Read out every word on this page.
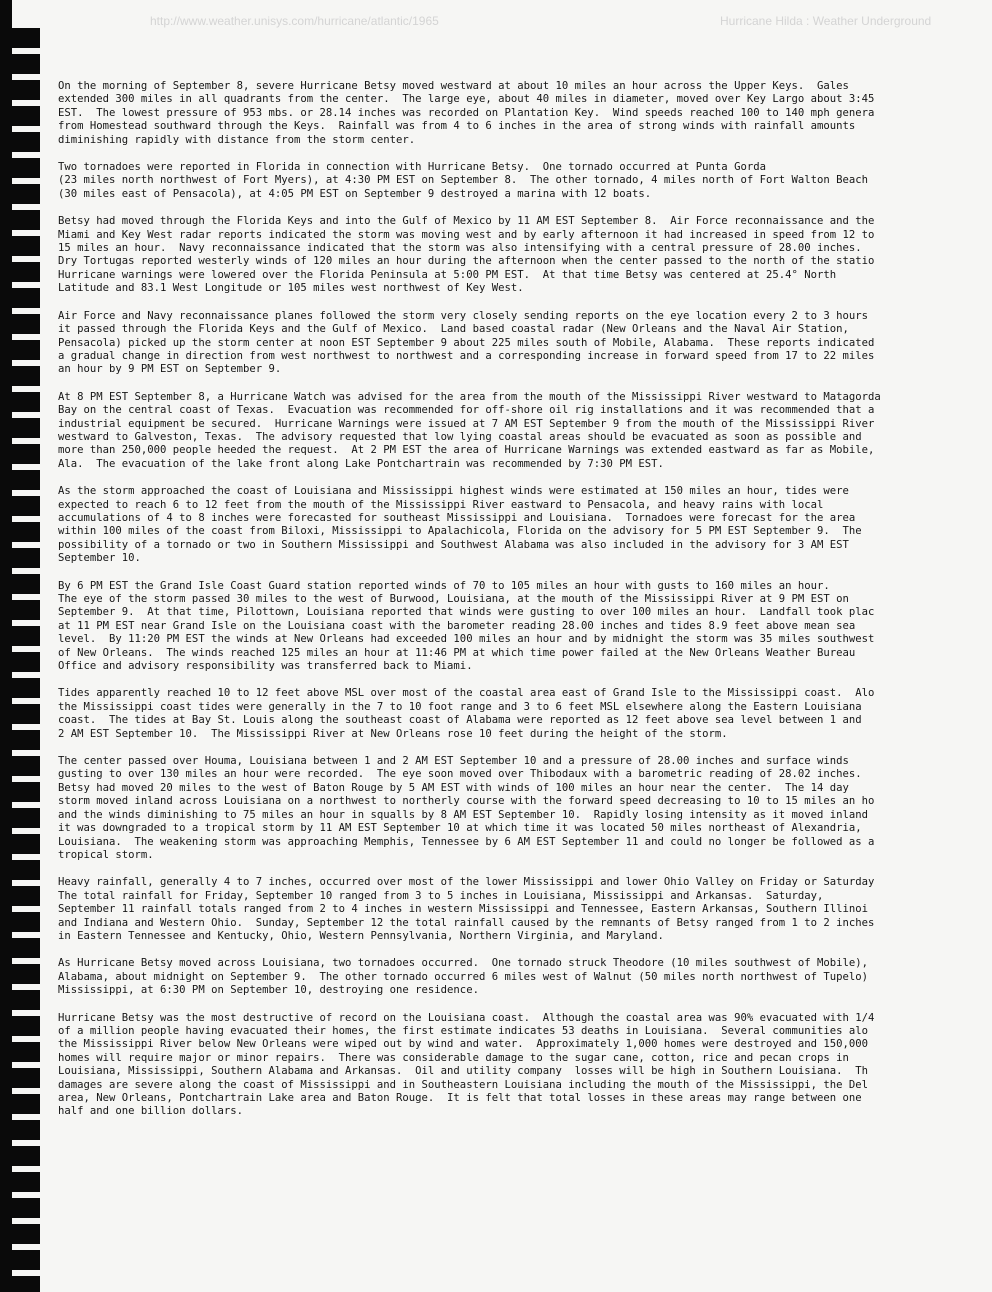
http://www.weather.unisys.com/hurricane/atlantic/1965	Hurricane Hilda : Weather Underground
On the morning of September 8, severe Hurricane Betsy moved westward at about 10 miles an hour across the Upper Keys.  Gales
extended 300 miles in all quadrants from the center.  The large eye, about 40 miles in diameter, moved over Key Largo about 3:45
EST.  The lowest pressure of 953 mbs. or 28.14 inches was recorded on Plantation Key.  Wind speeds reached 100 to 140 mph genera
from Homestead southward through the Keys.  Rainfall was from 4 to 6 inches in the area of strong winds with rainfall amounts
diminishing rapidly with distance from the storm center.
Two tornadoes were reported in Florida in connection with Hurricane Betsy.  One tornado occurred at Punta Gorda
(23 miles north northwest of Fort Myers), at 4:30 PM EST on September 8.  The other tornado, 4 miles north of Fort Walton Beach
(30 miles east of Pensacola), at 4:05 PM EST on September 9 destroyed a marina with 12 boats.
Betsy had moved through the Florida Keys and into the Gulf of Mexico by 11 AM EST September 8.  Air Force reconnaissance and the
Miami and Key West radar reports indicated the storm was moving west and by early afternoon it had increased in speed from 12 to
15 miles an hour.  Navy reconnaissance indicated that the storm was also intensifying with a central pressure of 28.00 inches.
Dry Tortugas reported westerly winds of 120 miles an hour during the afternoon when the center passed to the north of the statio
Hurricane warnings were lowered over the Florida Peninsula at 5:00 PM EST.  At that time Betsy was centered at 25.4° North
Latitude and 83.1 West Longitude or 105 miles west northwest of Key West.
Air Force and Navy reconnaissance planes followed the storm very closely sending reports on the eye location every 2 to 3 hours
it passed through the Florida Keys and the Gulf of Mexico.  Land based coastal radar (New Orleans and the Naval Air Station,
Pensacola) picked up the storm center at noon EST September 9 about 225 miles south of Mobile, Alabama.  These reports indicated
a gradual change in direction from west northwest to northwest and a corresponding increase in forward speed from 17 to 22 miles
an hour by 9 PM EST on September 9.
At 8 PM EST September 8, a Hurricane Watch was advised for the area from the mouth of the Mississippi River westward to Matagorda
Bay on the central coast of Texas.  Evacuation was recommended for off-shore oil rig installations and it was recommended that a
industrial equipment be secured.  Hurricane Warnings were issued at 7 AM EST September 9 from the mouth of the Mississippi River
westward to Galveston, Texas.  The advisory requested that low lying coastal areas should be evacuated as soon as possible and
more than 250,000 people heeded the request.  At 2 PM EST the area of Hurricane Warnings was extended eastward as far as Mobile,
Ala.  The evacuation of the lake front along Lake Pontchartrain was recommended by 7:30 PM EST.
As the storm approached the coast of Louisiana and Mississippi highest winds were estimated at 150 miles an hour, tides were
expected to reach 6 to 12 feet from the mouth of the Mississippi River eastward to Pensacola, and heavy rains with local
accumulations of 4 to 8 inches were forecasted for southeast Mississippi and Louisiana.  Tornadoes were forecast for the area
within 100 miles of the coast from Biloxi, Mississippi to Apalachicola, Florida on the advisory for 5 PM EST September 9.  The
possibility of a tornado or two in Southern Mississippi and Southwest Alabama was also included in the advisory for 3 AM EST
September 10.
By 6 PM EST the Grand Isle Coast Guard station reported winds of 70 to 105 miles an hour with gusts to 160 miles an hour.
The eye of the storm passed 30 miles to the west of Burwood, Louisiana, at the mouth of the Mississippi River at 9 PM EST on
September 9.  At that time, Pilottown, Louisiana reported that winds were gusting to over 100 miles an hour.  Landfall took plac
at 11 PM EST near Grand Isle on the Louisiana coast with the barometer reading 28.00 inches and tides 8.9 feet above mean sea
level.  By 11:20 PM EST the winds at New Orleans had exceeded 100 miles an hour and by midnight the storm was 35 miles southwest
of New Orleans.  The winds reached 125 miles an hour at 11:46 PM at which time power failed at the New Orleans Weather Bureau
Office and advisory responsibility was transferred back to Miami.
Tides apparently reached 10 to 12 feet above MSL over most of the coastal area east of Grand Isle to the Mississippi coast.  Alo
the Mississippi coast tides were generally in the 7 to 10 foot range and 3 to 6 feet MSL elsewhere along the Eastern Louisiana
coast.  The tides at Bay St. Louis along the southeast coast of Alabama were reported as 12 feet above sea level between 1 and
2 AM EST September 10.  The Mississippi River at New Orleans rose 10 feet during the height of the storm.
The center passed over Houma, Louisiana between 1 and 2 AM EST September 10 and a pressure of 28.00 inches and surface winds
gusting to over 130 miles an hour were recorded.  The eye soon moved over Thibodaux with a barometric reading of 28.02 inches.
Betsy had moved 20 miles to the west of Baton Rouge by 5 AM EST with winds of 100 miles an hour near the center.  The 14 day
storm moved inland across Louisiana on a northwest to northerly course with the forward speed decreasing to 10 to 15 miles an ho
and the winds diminishing to 75 miles an hour in squalls by 8 AM EST September 10.  Rapidly losing intensity as it moved inland
it was downgraded to a tropical storm by 11 AM EST September 10 at which time it was located 50 miles northeast of Alexandria,
Louisiana.  The weakening storm was approaching Memphis, Tennessee by 6 AM EST September 11 and could no longer be followed as a
tropical storm.
Heavy rainfall, generally 4 to 7 inches, occurred over most of the lower Mississippi and lower Ohio Valley on Friday or Saturday
The total rainfall for Friday, September 10 ranged from 3 to 5 inches in Louisiana, Mississippi and Arkansas.  Saturday,
September 11 rainfall totals ranged from 2 to 4 inches in western Mississippi and Tennessee, Eastern Arkansas, Southern Illinoi
and Indiana and Western Ohio.  Sunday, September 12 the total rainfall caused by the remnants of Betsy ranged from 1 to 2 inches
in Eastern Tennessee and Kentucky, Ohio, Western Pennsylvania, Northern Virginia, and Maryland.
As Hurricane Betsy moved across Louisiana, two tornadoes occurred.  One tornado struck Theodore (10 miles southwest of Mobile),
Alabama, about midnight on September 9.  The other tornado occurred 6 miles west of Walnut (50 miles north northwest of Tupelo)
Mississippi, at 6:30 PM on September 10, destroying one residence.
Hurricane Betsy was the most destructive of record on the Louisiana coast.  Although the coastal area was 90% evacuated with 1/4
of a million people having evacuated their homes, the first estimate indicates 53 deaths in Louisiana.  Several communities alo
the Mississippi River below New Orleans were wiped out by wind and water.  Approximately 1,000 homes were destroyed and 150,000
homes will require major or minor repairs.  There was considerable damage to the sugar cane, cotton, rice and pecan crops in
Louisiana, Mississippi, Southern Alabama and Arkansas.  Oil and utility company  losses will be high in Southern Louisiana.  Th
damages are severe along the coast of Mississippi and in Southeastern Louisiana including the mouth of the Mississippi, the Del
area, New Orleans, Pontchartrain Lake area and Baton Rouge.  It is felt that total losses in these areas may range between one
half and one billion dollars.
